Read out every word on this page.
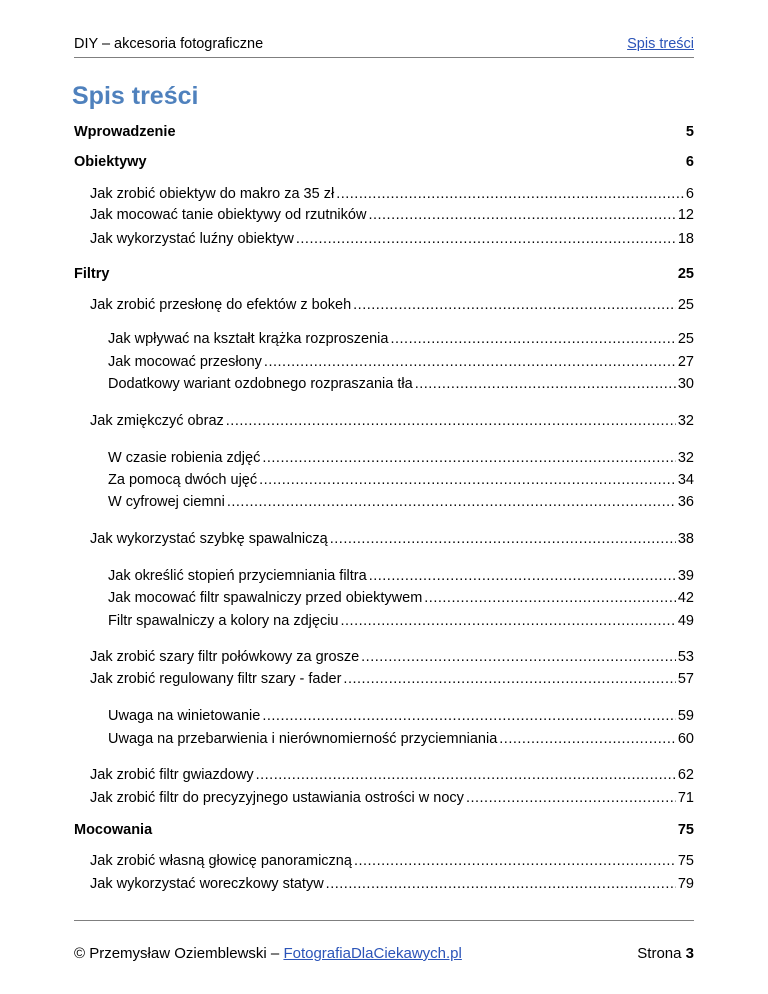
DIY – akcesoria fotograficzne	Spis treści
Spis treści
Wprowadzenie	5
Obiektywy	6
Jak zrobić obiektyw do makro za 35 zł .....	6
Jak mocować tanie obiektywy od rzutników .....	12
Jak wykorzystać luźny obiektyw .....	18
Filtry	25
Jak zrobić przesłonę do efektów z bokeh .....	25
Jak wpływać na kształt krążka rozproszenia .....	25
Jak mocować przesłony .....	27
Dodatkowy wariant ozdobnego rozpraszania tła .....	30
Jak zmiękczyć obraz .....	32
W czasie robienia zdjęć .....	32
Za pomocą dwóch ujęć .....	34
W cyfrowej ciemni .....	36
Jak wykorzystać szybkę spawalniczą .....	38
Jak określić stopień przyciemniania filtra .....	39
Jak mocować filtr spawalniczy przed obiektywem .....	42
Filtr spawalniczy a kolory na zdjęciu .....	49
Jak zrobić szary filtr połówkowy za grosze .....	53
Jak zrobić regulowany filtr szary - fader .....	57
Uwaga na winietowanie .....	59
Uwaga na przebarwienia i nierównomierność przyciemniania .....	60
Jak zrobić filtr gwiazdowy .....	62
Jak zrobić filtr do precyzyjnego ustawiania ostrości w nocy .....	71
Mocowania	75
Jak zrobić własną głowicę panoramiczną .....	75
Jak wykorzystać woreczkowy statyw .....	79
© Przemysław Oziemblewski – FotografiaDlaCiekawych.pl	Strona 3
